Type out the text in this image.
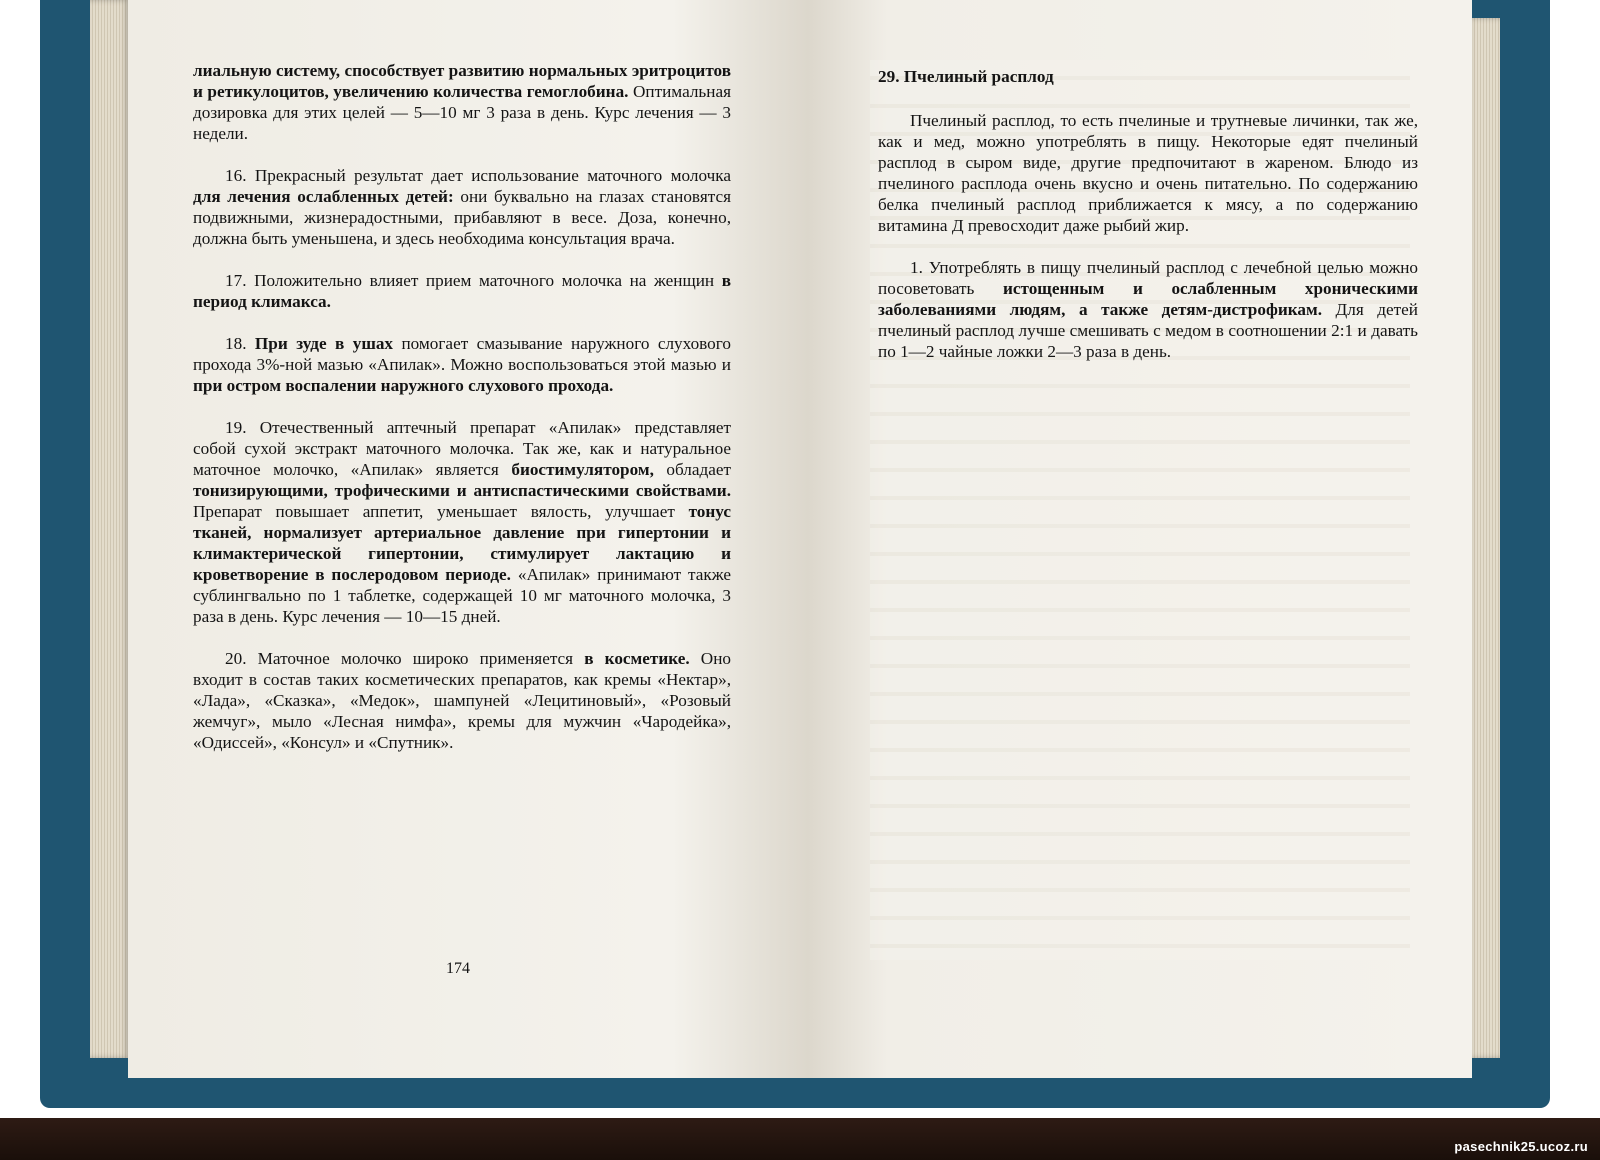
лиальную систему, способствует развитию нормальных эритроцитов и ретикулоцитов, увеличению количества гемоглобина. Оптимальная дозировка для этих целей — 5—10 мг 3 раза в день. Курс лечения — 3 недели.

16. Прекрасный результат дает использование маточного молочка для лечения ослабленных детей: они буквально на глазах становятся подвижными, жизнерадостными, прибавляют в весе. Доза, конечно, должна быть уменьшена, и здесь необходима консультация врача.

17. Положительно влияет прием маточного молочка на женщин в период климакса.

18. При зуде в ушах помогает смазывание наружного слухового прохода 3%-ной мазью «Апилак». Можно воспользоваться этой мазью и при остром воспалении наружного слухового прохода.

19. Отечественный аптечный препарат «Апилак» представляет собой сухой экстракт маточного молочка. Так же, как и натуральное маточное молочко, «Апилак» является биостимулятором, обладает тонизирующими, трофическими и антиспастическими свойствами. Препарат повышает аппетит, уменьшает вялость, улучшает тонус тканей, нормализует артериальное давление при гипертонии и климактерической гипертонии, стимулирует лактацию и кроветворение в послеродовом периоде. «Апилак» принимают также сублингвально по 1 таблетке, содержащей 10 мг маточного молочка, 3 раза в день. Курс лечения — 10—15 дней.

20. Маточное молочко широко применяется в косметике. Оно входит в состав таких косметических препаратов, как кремы «Нектар», «Лада», «Сказка», «Медок», шампуней «Лецитиновый», «Розовый жемчуг», мыло «Лесная нимфа», кремы для мужчин «Чародейка», «Одиссей», «Консул» и «Спутник».

174

29. Пчелиный расплод

Пчелиный расплод, то есть пчелиные и трутневые личинки, так же, как и мед, можно употреблять в пищу. Некоторые едят пчелиный расплод в сыром виде, другие предпочитают в жареном. Блюдо из пчелиного расплода очень вкусно и очень питательно. По содержанию белка пчелиный расплод приближается к мясу, а по содержанию витамина Д превосходит даже рыбий жир.

1. Употреблять в пищу пчелиный расплод с лечебной целью можно посоветовать истощенным и ослабленным хроническими заболеваниями людям, а также детям-дистрофикам. Для детей пчелиный расплод лучше смешивать с медом в соотношении 2:1 и давать по 1—2 чайные ложки 2—3 раза в день.

pasechnik25.ucoz.ru
